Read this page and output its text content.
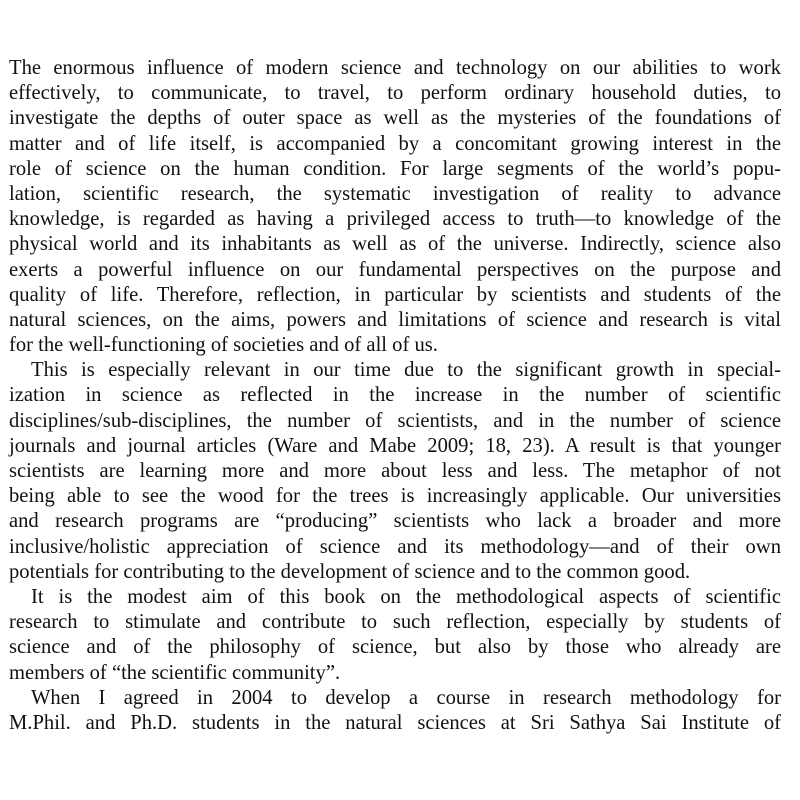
The enormous influence of modern science and technology on our abilities to work
effectively, to communicate, to travel, to perform ordinary household duties, to
investigate the depths of outer space as well as the mysteries of the foundations of
matter and of life itself, is accompanied by a concomitant growing interest in the
role of science on the human condition. For large segments of the world’s popu-
lation, scientific research, the systematic investigation of reality to advance
knowledge, is regarded as having a privileged access to truth—to knowledge of the
physical world and its inhabitants as well as of the universe. Indirectly, science also
exerts a powerful influence on our fundamental perspectives on the purpose and
quality of life. Therefore, reflection, in particular by scientists and students of the
natural sciences, on the aims, powers and limitations of science and research is vital
for the well-functioning of societies and of all of us.
This is especially relevant in our time due to the significant growth in special-
ization in science as reflected in the increase in the number of scientific
disciplines/sub-disciplines, the number of scientists, and in the number of science
journals and journal articles (Ware and Mabe 2009; 18, 23). A result is that younger
scientists are learning more and more about less and less. The metaphor of not
being able to see the wood for the trees is increasingly applicable. Our universities
and research programs are “producing” scientists who lack a broader and more
inclusive/holistic appreciation of science and its methodology—and of their own
potentials for contributing to the development of science and to the common good.
It is the modest aim of this book on the methodological aspects of scientific
research to stimulate and contribute to such reflection, especially by students of
science and of the philosophy of science, but also by those who already are
members of “the scientific community”.
When I agreed in 2004 to develop a course in research methodology for
M.Phil. and Ph.D. students in the natural sciences at Sri Sathya Sai Institute of
